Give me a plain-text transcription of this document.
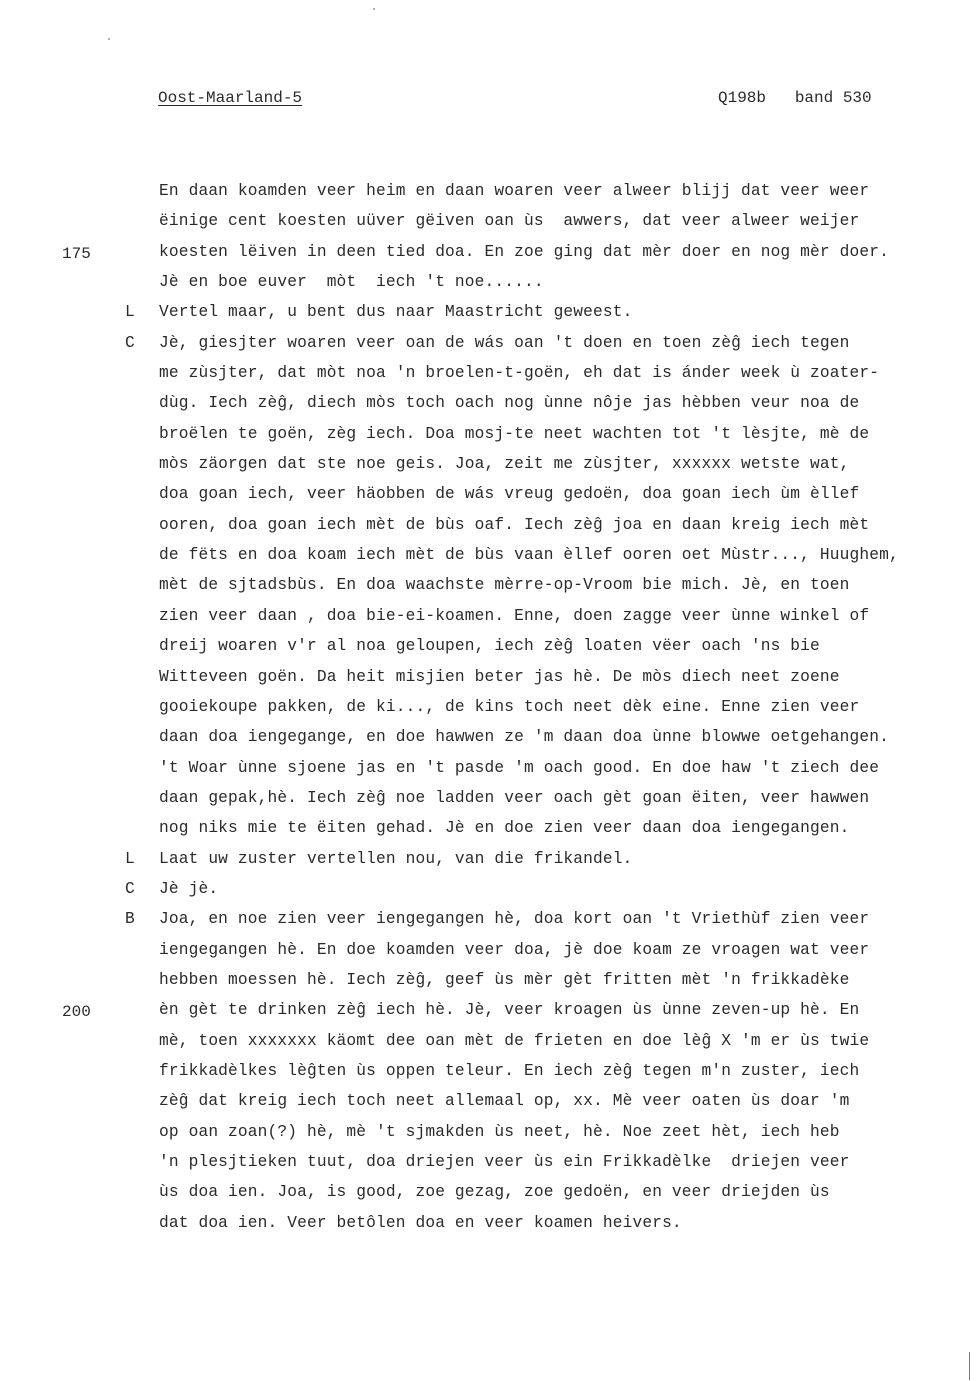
Oost-Maarland-5	Q198b   band 530
En daan koamden veer heim en daan woaren veer alweer blijj dat veer weer
ëinige cent koesten uüver gëiven oan ùs  awwers, dat veer alweer weijer
175	koesten lëiven in deen tied doa. En zoe ging dat mèr doer en nog mèr doer.
Jè en boe euver  mòt  iech 't noe......
L Vertel maar, u bent dus naar Maastricht geweest.
C Jè, giesjter woaren veer oan de wás oan 't doen en toen zèĝ iech tegen
me zùsjter, dat mòt noa 'n broelen-t-goën, eh dat is ánder week ù zoater-
dùg. Iech zèĝ, diech mòs toch oach nog ùnne nôje jas hèbben veur noa de
broëlen te goën, zèg iech. Doa mosj-te neet wachten tot 't lèsjte, mè de
mòs zäorgen dat ste noe geis. Joa, zeit me zùsjter, xxxxxx wetste wat,
doa goan iech, veer häobben de wás vreug gedoën, doa goan iech ùm èllef
ooren, doa goan iech mèt de bùs oaf. Iech zèĝ joa en daan kreig iech mèt
de fëts en doa koam iech mèt de bùs vaan èllef ooren oet Mùstr..., Huughem,
mèt de sjtadsbùs. En doa waachste mèrre-op-Vroom bie mich. Jè, en toen
zien veer daan , doa bie-ei-koamen. Enne, doen zagge veer ùnne winkel of
dreij woaren v'r al noa geloupen, iech zèĝ loaten vëer oach 'ns bie
Witteveen goën. Da heit misjien beter jas hè. De mòs diech neet zoene
gooiekoupe pakken, de ki..., de kins toch neet dèk eine. Enne zien veer
daan doa iengegange, en doe hawwen ze 'm daan doa ùnne blowwe oetgehangen.
't Woar ùnne sjoene jas en 't pasde 'm oach good. En doe haw 't ziech dee
daan gepak,hè. Iech zèĝ noe ladden veer oach gèt goan ëiten, veer hawwen
nog niks mie te ëiten gehad. Jè en doe zien veer daan doa iengegangen.
L Laat uw zuster vertellen nou, van die frikandel.
C Jè jè.
B Joa, en noe zien veer iengegangen hè, doa kort oan 't Vriethùf zien veer
iengegangen hè. En doe koamden veer doa, jè doe koam ze vroagen wat veer
hebben moessen hè. Iech zèĝ, geef ùs mèr gèt fritten mèt 'n frikkadèke
200	èn gèt te drinken zèĝ iech hè. Jè, veer kroagen ùs ùnne zeven-up hè. En
mè, toen xxxxxxx käomt dee oan mèt de frieten en doe lèĝ X 'm er ùs twie
frikkadèlkes lèĝten ùs oppen teleur. En iech zèĝ tegen m'n zuster, iech
zèĝ dat kreig iech toch neet allemaal op, xx. Mè veer oaten ùs doar 'm
op oan zoan(?) hè, mè 't sjmakden ùs neet, hè. Noe zeet hèt, iech heb
'n plesjtieken tuut, doa driejen veer ùs ein Frikkadèlke  driejen veer
ùs doa ien. Joa, is good, zoe gezag, zoe gedoën, en veer driejden ùs
dat doa ien. Veer betôlen doa en veer koamen heivers.
